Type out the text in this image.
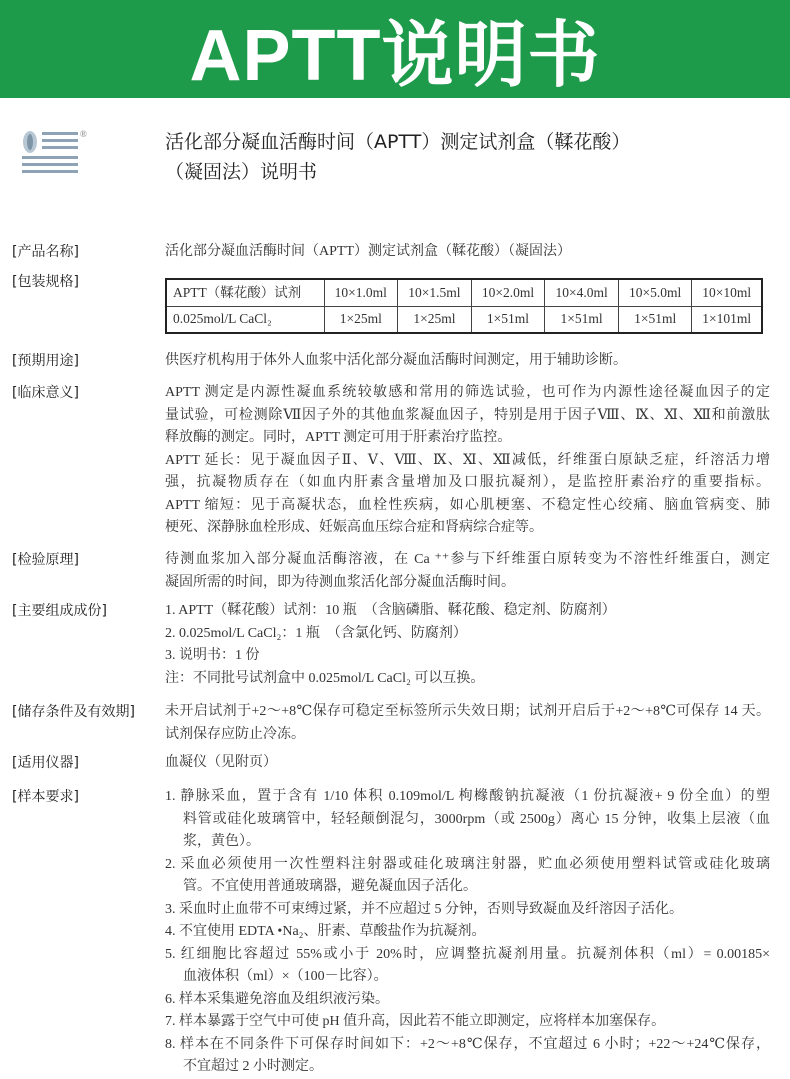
APTT说明书
®	活化部分凝血活酶时间（APTT）测定试剂盒（鞣花酸）
（凝固法）说明书
[产品名称]	活化部分凝血活酶时间（APTT）测定试剂盒（鞣花酸）（凝固法）
[包装规格]
APTT（鞣花酸）试剂	10×1.0ml	10×1.5ml	10×2.0ml	10×4.0ml	10×5.0ml	10×10ml
0.025mol/L CaCl₂	1×25ml	1×25ml	1×51ml	1×51ml	1×51ml	1×101ml
[预期用途]	供医疗机构用于体外人血浆中活化部分凝血活酶时间测定，用于辅助诊断。
[临床意义]	APTT 测定是内源性凝血系统较敏感和常用的筛选试验，也可作为内源性途径凝血因子的定
量试验，可检测除Ⅶ因子外的其他血浆凝血因子，特别是用于因子Ⅷ、Ⅸ、Ⅺ、Ⅻ和前激肽
释放酶的测定。同时，APTT 测定可用于肝素治疗监控。
APTT 延长：见于凝血因子Ⅱ、Ⅴ、Ⅷ、Ⅸ、Ⅺ、Ⅻ减低，纤维蛋白原缺乏症，纤溶活力增
强，抗凝物质存在（如血内肝素含量增加及口服抗凝剂），是监控肝素治疗的重要指标。
APTT 缩短：见于高凝状态，血栓性疾病，如心肌梗塞、不稳定性心绞痛、脑血管病变、肺
梗死、深静脉血栓形成、妊娠高血压综合症和肾病综合症等。
[检验原理]	待测血浆加入部分凝血活酶溶液，在 Ca ⁺⁺参与下纤维蛋白原转变为不溶性纤维蛋白，测定
凝固所需的时间，即为待测血浆活化部分凝血活酶时间。
[主要组成成份]	1. APTT（鞣花酸）试剂：10 瓶　（含脑磷脂、鞣花酸、稳定剂、防腐剂）
2. 0.025mol/L CaCl₂：1 瓶　（含氯化钙、防腐剂）
3. 说明书：1 份
注：不同批号试剂盒中 0.025mol/L CaCl₂ 可以互换。
[储存条件及有效期] 未开启试剂于+2～+8℃保存可稳定至标签所示失效日期；试剂开启后于+2～+8℃可保存 14 天。
试剂保存应防止冷冻。
[适用仪器]	血凝仪（见附页）
[样本要求]	1. 静脉采血，置于含有 1/10 体积 0.109mol/L 枸橼酸钠抗凝液（1 份抗凝液+ 9 份全血）的塑
料管或硅化玻璃管中，轻轻颠倒混匀，3000rpm（或 2500g）离心 15 分钟，收集上层液（血
浆，黄色）。
2. 采血必须使用一次性塑料注射器或硅化玻璃注射器，贮血必须使用塑料试管或硅化玻璃
管。不宜使用普通玻璃器，避免凝血因子活化。
3. 采血时止血带不可束缚过紧，并不应超过 5 分钟，否则导致凝血及纤溶因子活化。
4. 不宜使用 EDTA •Na₂、肝素、草酸盐作为抗凝剂。
5. 红细胞比容超过 55%或小于 20%时，应调整抗凝剂用量。抗凝剂体积（ml）= 0.00185×
血液体积（ml）×（100－比容）。
6. 样本采集避免溶血及组织液污染。
7. 样本暴露于空气中可使 pH 值升高，因此若不能立即测定，应将样本加塞保存。
8. 样本在不同条件下可保存时间如下：+2～+8℃保存，不宜超过 6 小时；+22～+24℃保存，
不宜超过 2 小时测定。
